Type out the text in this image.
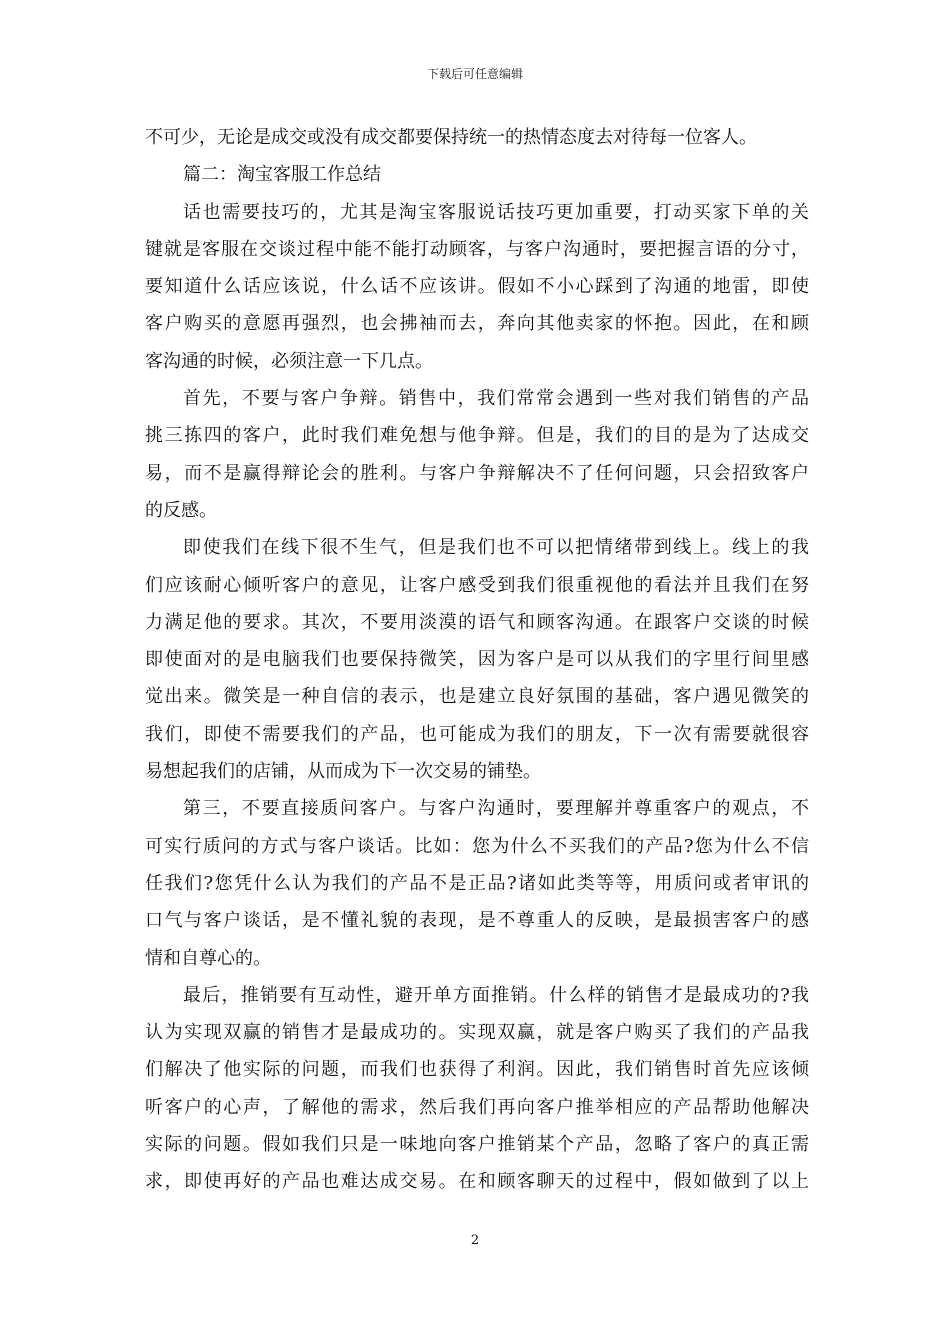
下载后可任意编辑
不可少，无论是成交或没有成交都要保持统一的热情态度去对待每一位客人。
篇二：淘宝客服工作总结
话也需要技巧的，尤其是淘宝客服说话技巧更加重要，打动买家下单的关
键就是客服在交谈过程中能不能打动顾客，与客户沟通时，要把握言语的分寸，
要知道什么话应该说，什么话不应该讲。假如不小心踩到了沟通的地雷，即使
客户购买的意愿再强烈，也会拂袖而去，奔向其他卖家的怀抱。因此，在和顾
客沟通的时候，必须注意一下几点。
首先，不要与客户争辩。销售中，我们常常会遇到一些对我们销售的产品
挑三拣四的客户，此时我们难免想与他争辩。但是，我们的目的是为了达成交
易，而不是赢得辩论会的胜利。与客户争辩解决不了任何问题，只会招致客户
的反感。
即使我们在线下很不生气，但是我们也不可以把情绪带到线上。线上的我
们应该耐心倾听客户的意见，让客户感受到我们很重视他的看法并且我们在努
力满足他的要求。其次，不要用淡漠的语气和顾客沟通。在跟客户交谈的时候
即使面对的是电脑我们也要保持微笑，因为客户是可以从我们的字里行间里感
觉出来。微笑是一种自信的表示，也是建立良好氛围的基础，客户遇见微笑的
我们，即使不需要我们的产品，也可能成为我们的朋友，下一次有需要就很容
易想起我们的店铺，从而成为下一次交易的铺垫。
第三，不要直接质问客户。与客户沟通时，要理解并尊重客户的观点，不
可实行质问的方式与客户谈话。比如：您为什么不买我们的产品?您为什么不信
任我们?您凭什么认为我们的产品不是正品?诸如此类等等，用质问或者审讯的
口气与客户谈话，是不懂礼貌的表现，是不尊重人的反映，是最损害客户的感
情和自尊心的。
最后，推销要有互动性，避开单方面推销。什么样的销售才是最成功的?我
认为实现双赢的销售才是最成功的。实现双赢，就是客户购买了我们的产品我
们解决了他实际的问题，而我们也获得了利润。因此，我们销售时首先应该倾
听客户的心声，了解他的需求，然后我们再向客户推举相应的产品帮助他解决
实际的问题。假如我们只是一味地向客户推销某个产品，忽略了客户的真正需
求，即使再好的产品也难达成交易。在和顾客聊天的过程中，假如做到了以上
2
